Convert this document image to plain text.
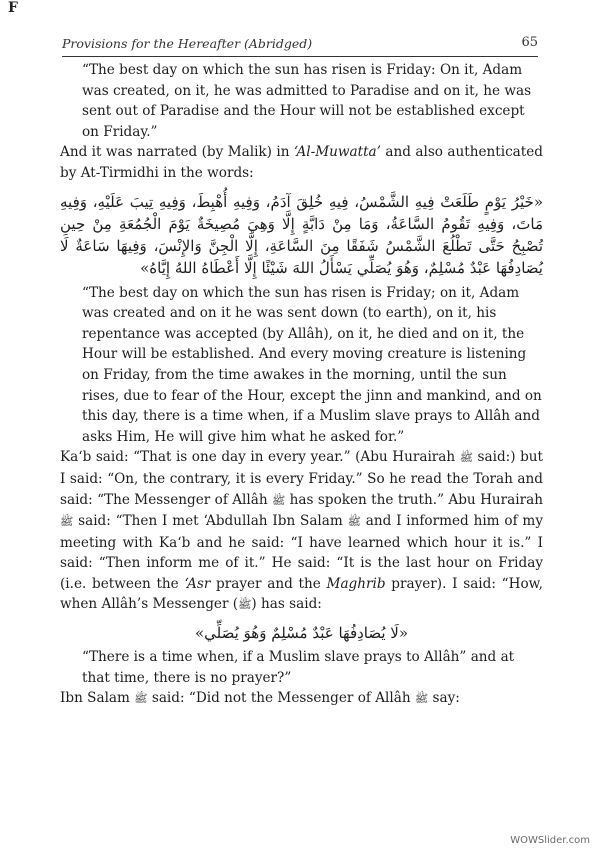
F
Provisions for the Hereafter (Abridged)	65

“The best day on which the sun has risen is Friday: On it, Adam was created, on it, he was admitted to Paradise and on it, he was sent out of Paradise and the Hour will not be established except on Friday.”

And it was narrated (by Malik) in ‘Al-Muwatta’ and also authenticated by At-Tirmidhi in the words:

«خَيْرُ يَوْمٍ طَلَعَتْ فِيهِ الشَّمْسُ، فِيهِ خُلِقَ آدَمُ، وَفِيهِ أُهْبِطَ، وَفِيهِ تِيبَ عَلَيْهِ، وَفِيهِ مَاتَ، وَفِيهِ تَقُومُ السَّاعَةُ، وَمَا مِنْ دَابَّةٍ إِلَّا وَهِيَ مُصِيخَةٌ يَوْمَ الْجُمُعَةِ مِنْ حِينِ تُصْبِحُ حَتَّى تَطْلُعَ الشَّمْسُ شَفَقًا مِنَ السَّاعَةِ، إِلَّا الْجِنَّ وَالإِنْسَ، وَفِيهَا سَاعَةٌ لَا يُصَادِفُهَا عَبْدٌ مُسْلِمٌ، وَهُوَ يُصَلِّي يَسْأَلُ اللهَ شَيْئًا إِلَّا أَعْطَاهُ اللهُ إِيَّاهُ»

“The best day on which the sun has risen is Friday; on it, Adam was created and on it he was sent down (to earth), on it, his repentance was accepted (by Allâh), on it, he died and on it, the Hour will be established. And every moving creature is listening on Friday, from the time awakes in the morning, until the sun rises, due to fear of the Hour, except the jinn and mankind, and on this day, there is a time when, if a Muslim slave prays to Allâh and asks Him, He will give him what he asked for.”

Ka‘b said: “That is one day in every year.” (Abu Hurairah ﷺ said:) but I said: “On, the contrary, it is every Friday.” So he read the Torah and said: “The Messenger of Allâh ﷺ has spoken the truth.” Abu Hurairah ﷺ said: “Then I met ‘Abdullah Ibn Salam ﷺ and I informed him of my meeting with Ka‘b and he said: “I have learned which hour it is.” I said: “Then inform me of it.” He said: “It is the last hour on Friday (i.e. between the ‘Asr prayer and the Maghrib prayer). I said: “How, when Allâh’s Messenger (ﷺ) has said:

«لَا يُصَادِفُهَا عَبْدٌ مُسْلِمٌ وَهُوَ يُصَلِّي»

“There is a time when, if a Muslim slave prays to Allâh” and at that time, there is no prayer?”

Ibn Salam ﷺ said: “Did not the Messenger of Allâh ﷺ say:

WOWSlider.com
